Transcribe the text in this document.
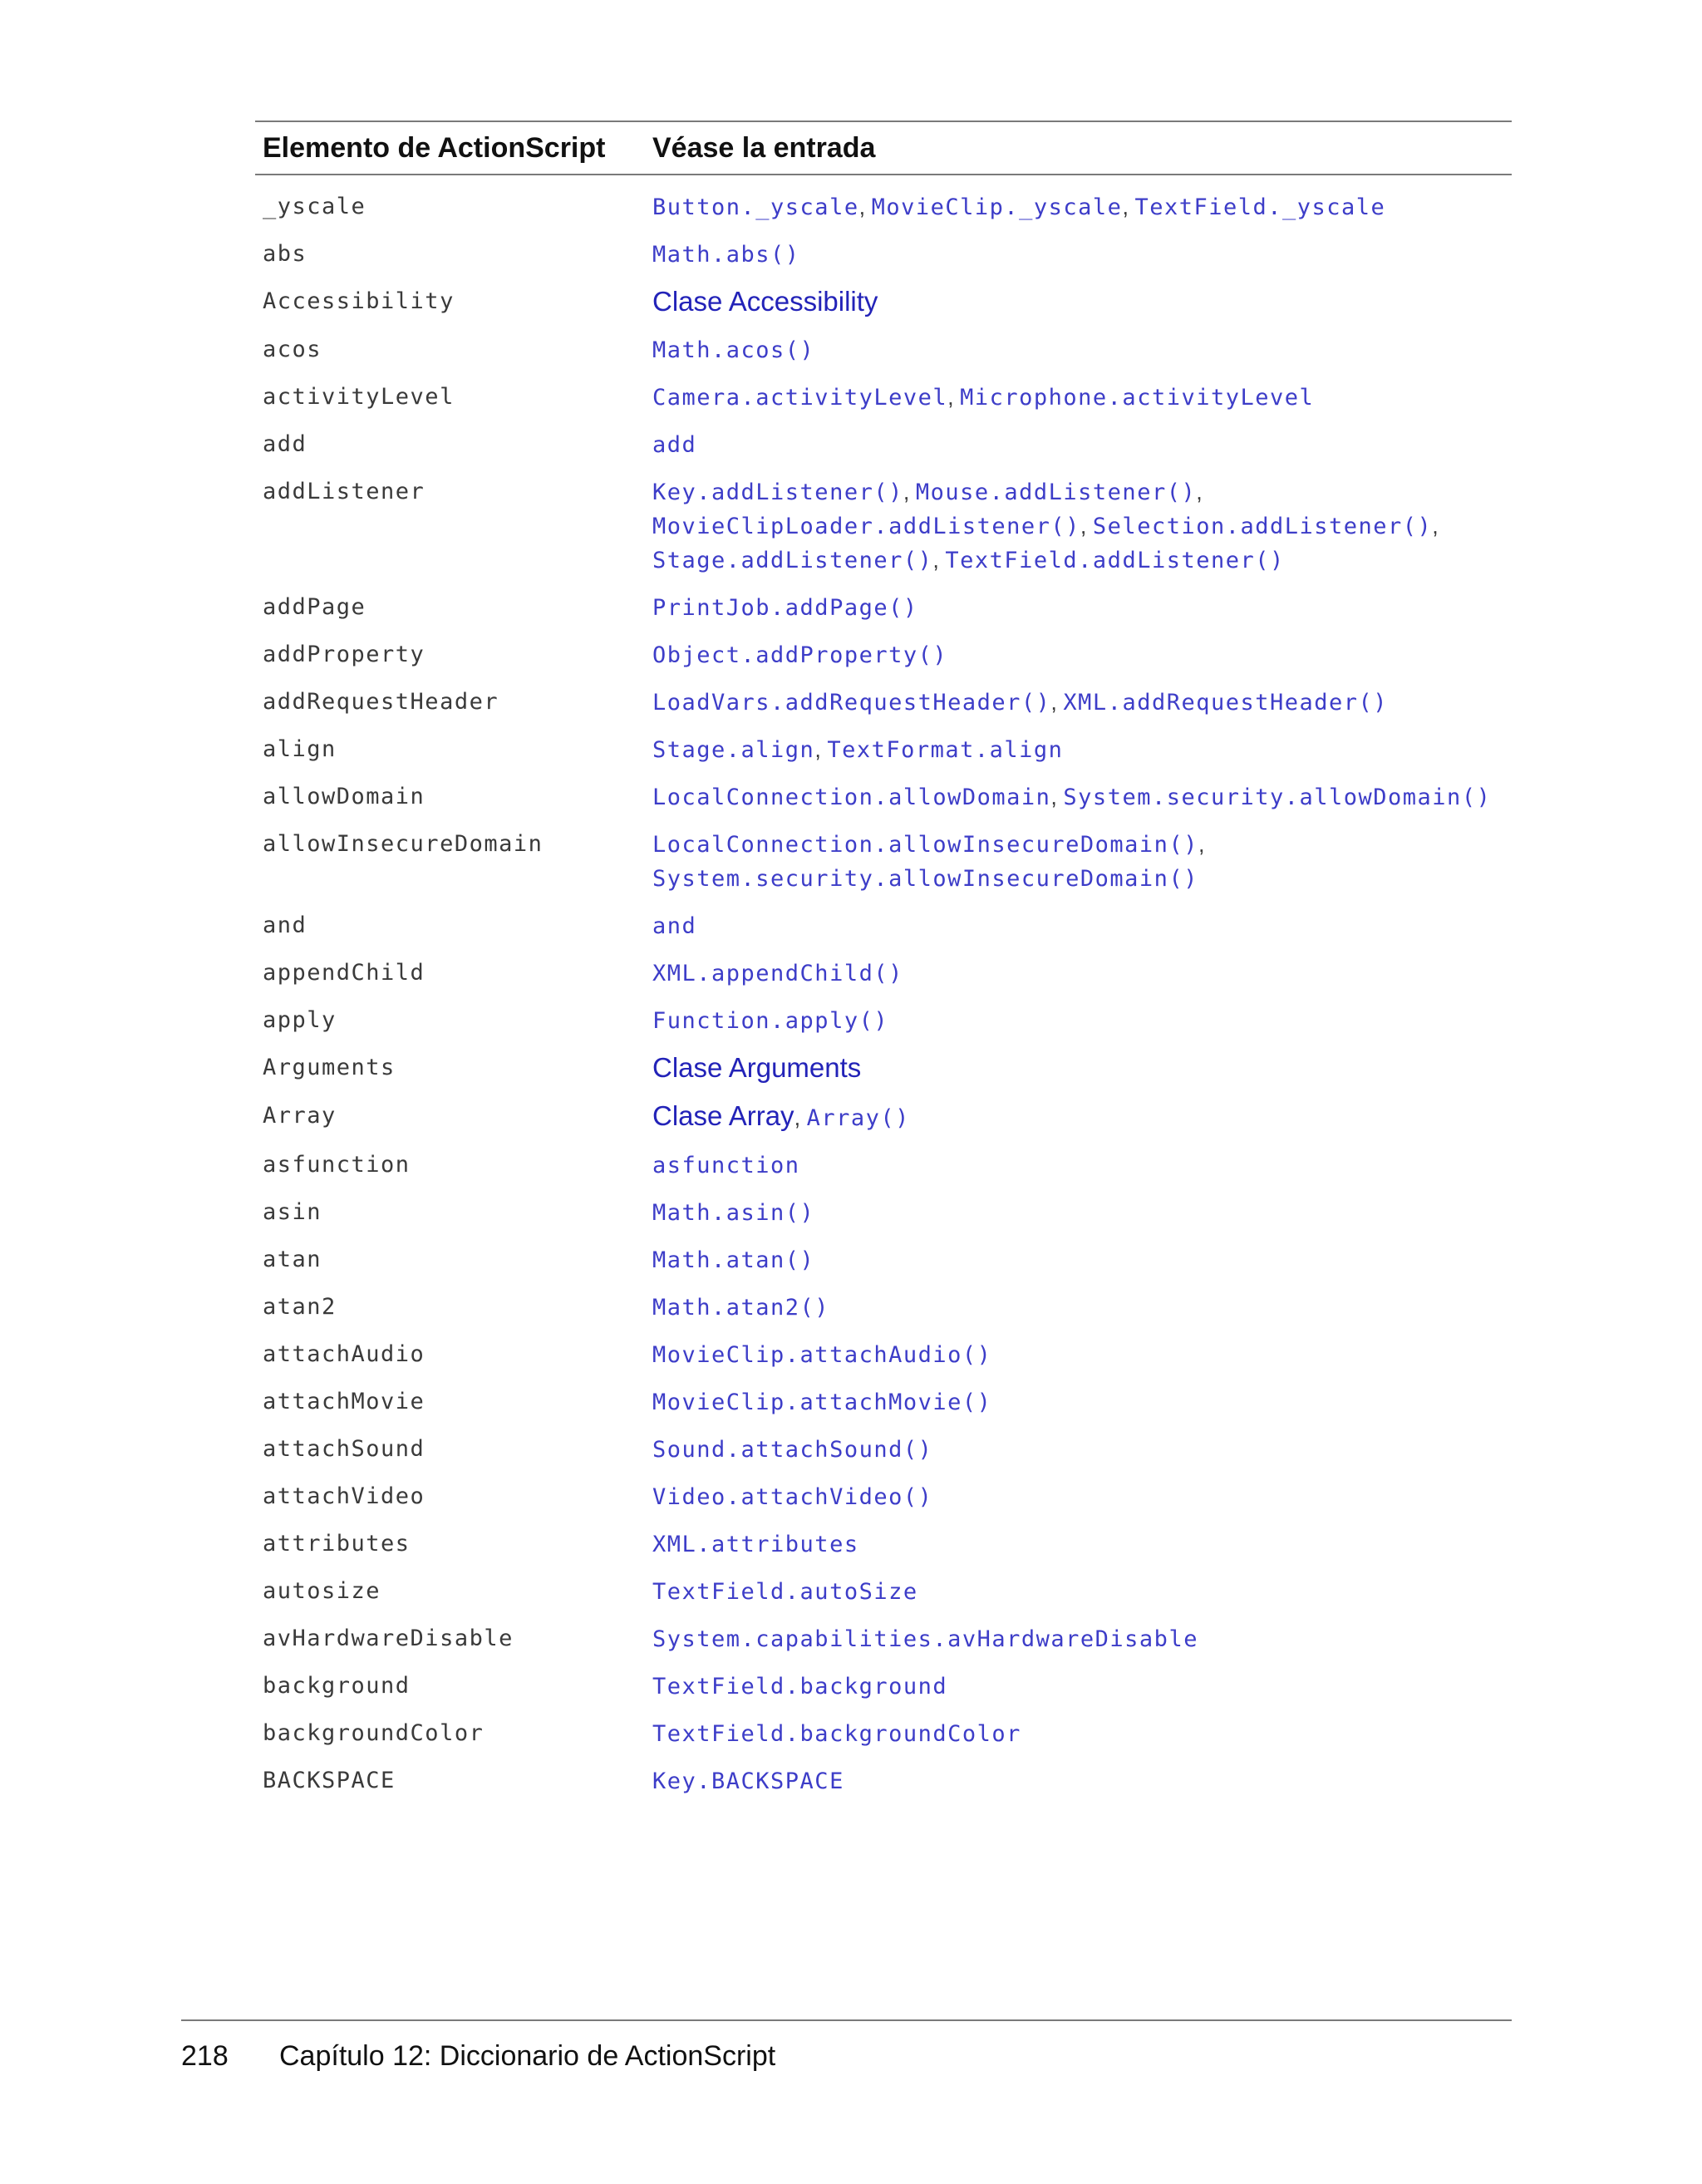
Elemento de ActionScript	Véase la entrada
_yscale	Button._yscale, MovieClip._yscale, TextField._yscale
abs	Math.abs()
Accessibility	Clase Accessibility
acos	Math.acos()
activityLevel	Camera.activityLevel, Microphone.activityLevel
add	add
addListener	Key.addListener(), Mouse.addListener(),
MovieClipLoader.addListener(), Selection.addListener(),
Stage.addListener(), TextField.addListener()
addPage	PrintJob.addPage()
addProperty	Object.addProperty()
addRequestHeader	LoadVars.addRequestHeader(), XML.addRequestHeader()
align	Stage.align, TextFormat.align
allowDomain	LocalConnection.allowDomain, System.security.allowDomain()
allowInsecureDomain	LocalConnection.allowInsecureDomain(),
System.security.allowInsecureDomain()
and	and
appendChild	XML.appendChild()
apply	Function.apply()
Arguments	Clase Arguments
Array	Clase Array, Array()
asfunction	asfunction
asin	Math.asin()
atan	Math.atan()
atan2	Math.atan2()
attachAudio	MovieClip.attachAudio()
attachMovie	MovieClip.attachMovie()
attachSound	Sound.attachSound()
attachVideo	Video.attachVideo()
attributes	XML.attributes
autosize	TextField.autoSize
avHardwareDisable	System.capabilities.avHardwareDisable
background	TextField.background
backgroundColor	TextField.backgroundColor
BACKSPACE	Key.BACKSPACE
218	Capítulo 12: Diccionario de ActionScript
